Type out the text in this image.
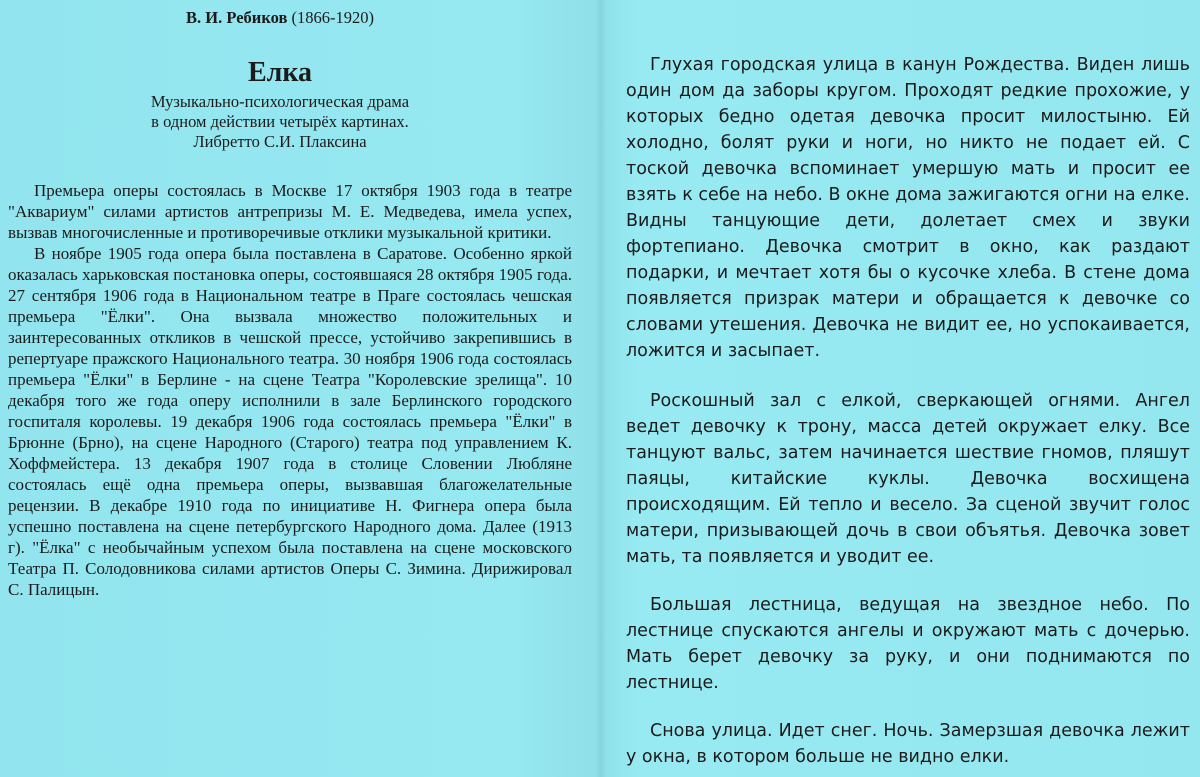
В. И. Ребиков (1866-1920)
Елка
Музыкально-психологическая драма
в одном действии четырёх картинах.
Либретто С.И. Плаксина

Премьера оперы состоялась в Москве 17 октября 1903 года в театре "Аквариум" силами артистов антрепризы М. Е. Медведева, имела успех, вызвав многочисленные и противоречивые отклики музыкальной критики.

В ноябре 1905 года опера была поставлена в Саратове. Особенно яркой оказалась харьковская постановка оперы, состоявшаяся 28 октября 1905 года. 27 сентября 1906 года в Национальном театре в Праге состоялась чешская премьера "Ёлки". Она вызвала множество положительных и заинтересованных откликов в чешской прессе, устойчиво закрепившись в репертуаре пражского Национального театра. 30 ноября 1906 года состоялась премьера "Ёлки" в Берлине - на сцене Театра "Королевские зрелища". 10 декабря того же года оперу исполнили в зале Берлинского городского госпиталя королевы. 19 декабря 1906 года состоялась премьера "Ёлки" в Брюнне (Брно), на сцене Народного (Старого) театра под управлением К. Хоффмейстера. 13 декабря 1907 года в столице Словении Любляне состоялась ещё одна премьера оперы, вызвавшая благожелательные рецензии. В декабре 1910 года по инициативе Н. Фигнера опера была успешно поставлена на сцене петербургского Народного дома. Далее (1913 г). "Ёлка" с необычайным успехом была поставлена на сцене московского Театра П. Солодовникова силами артистов Оперы С. Зимина. Дирижировал С. Палицын.

Глухая городская улица в канун Рождества. Виден лишь один дом да заборы кругом. Проходят редкие прохожие, у которых бедно одетая девочка просит милостыню. Ей холодно, болят руки и ноги, но никто не подает ей. С тоской девочка вспоминает умершую мать и просит ее взять к себе на небо. В окне дома зажигаются огни на елке. Видны танцующие дети, долетает смех и звуки фортепиано. Девочка смотрит в окно, как раздают подарки, и мечтает хотя бы о кусочке хлеба. В стене дома появляется призрак матери и обращается к девочке со словами утешения. Девочка не видит ее, но успокаивается, ложится и засыпает.

Роскошный зал с елкой, сверкающей огнями. Ангел ведет девочку к трону, масса детей окружает елку. Все танцуют вальс, затем начинается шествие гномов, пляшут паяцы, китайские куклы. Девочка восхищена происходящим. Ей тепло и весело. За сценой звучит голос матери, призывающей дочь в свои объятья. Девочка зовет мать, та появляется и уводит ее.

Большая лестница, ведущая на звездное небо. По лестнице спускаются ангелы и окружают мать с дочерью. Мать берет девочку за руку, и они поднимаются по лестнице.

Снова улица. Идет снег. Ночь. Замерзшая девочка лежит у окна, в котором больше не видно елки.
